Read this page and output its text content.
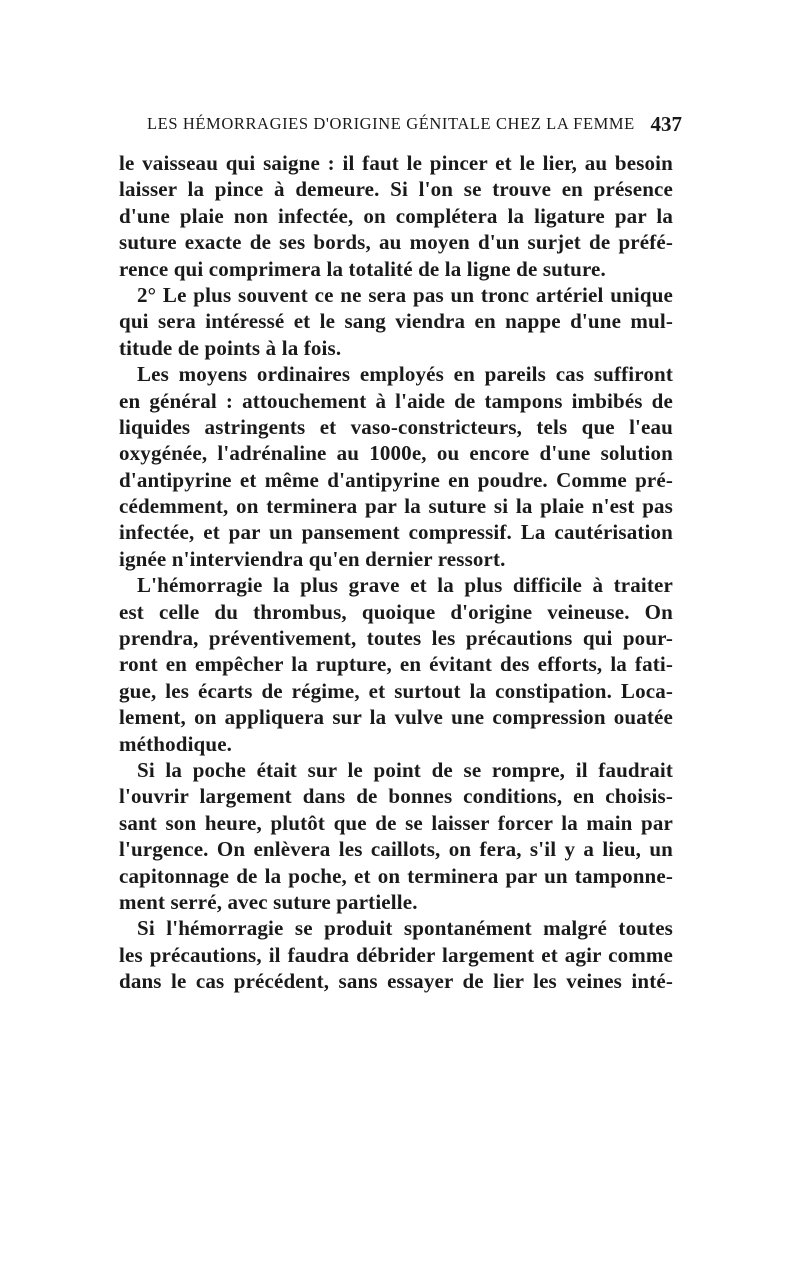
LES HÉMORRAGIES D'ORIGINE GÉNITALE CHEZ LA FEMME 437
le vaisseau qui saigne : il faut le pincer et le lier, au besoin
laisser la pince à demeure. Si l'on se trouve en présence
d'une plaie non infectée, on complétera la ligature par la
suture exacte de ses bords, au moyen d'un surjet de préfé-
rence qui comprimera la totalité de la ligne de suture.
2° Le plus souvent ce ne sera pas un tronc artériel unique
qui sera intéressé et le sang viendra en nappe d'une mul-
titude de points à la fois.
Les moyens ordinaires employés en pareils cas suffiront
en général : attouchement à l'aide de tampons imbibés de
liquides astringents et vaso-constricteurs, tels que l'eau
oxygénée, l'adrénaline au 1000e, ou encore d'une solution
d'antipyrine et même d'antipyrine en poudre. Comme pré-
cédemment, on terminera par la suture si la plaie n'est pas
infectée, et par un pansement compressif. La cautérisation
ignée n'interviendra qu'en dernier ressort.
L'hémorragie la plus grave et la plus difficile à traiter
est celle du thrombus, quoique d'origine veineuse. On
prendra, préventivement, toutes les précautions qui pour-
ront en empêcher la rupture, en évitant des efforts, la fati-
gue, les écarts de régime, et surtout la constipation. Loca-
lement, on appliquera sur la vulve une compression ouatée
méthodique.
Si la poche était sur le point de se rompre, il faudrait
l'ouvrir largement dans de bonnes conditions, en choisis-
sant son heure, plutôt que de se laisser forcer la main par
l'urgence. On enlèvera les caillots, on fera, s'il y a lieu, un
capitonnage de la poche, et on terminera par un tamponne-
ment serré, avec suture partielle.
Si l'hémorragie se produit spontanément malgré toutes
les précautions, il faudra débrider largement et agir comme
dans le cas précédent, sans essayer de lier les veines inté-
